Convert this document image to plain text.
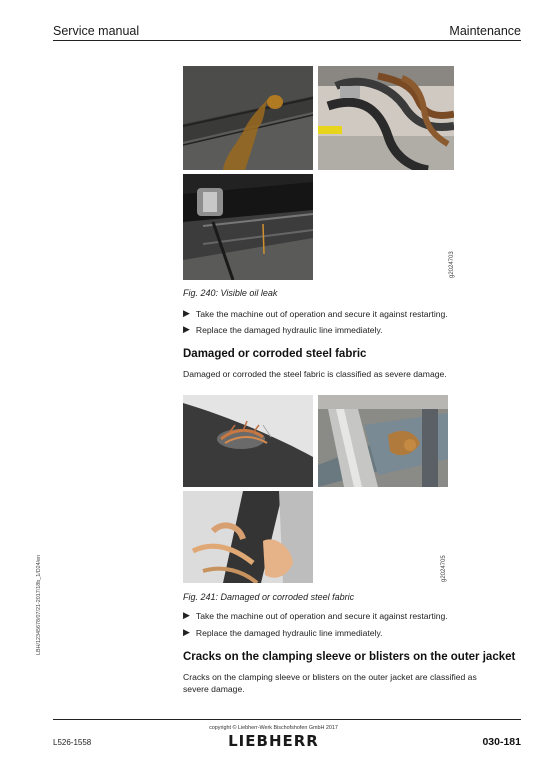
Service manual	Maintenance
g2024703
Fig. 240: Visible oil leak
▶ Take the machine out of operation and secure it against restarting.
▶ Replace the damaged hydraulic line immediately.
Damaged or corroded steel fabric
Damaged or corroded the steel fabric is classified as severe damage.
g2024705
Fig. 241: Damaged or corroded steel fabric
▶ Take the machine out of operation and secure it against restarting.
▶ Replace the damaged hydraulic line immediately.
Cracks on the clamping sleeve or blisters on the outer jacket
Cracks on the clamping sleeve or blisters on the outer jacket are classified as
severe damage.
LBH/12345678/07/21-2017/18b_1/D24/en
copyright © Liebherr-Werk Bischofshofen GmbH 2017
LIEBHERR
L526-1558	030-181
